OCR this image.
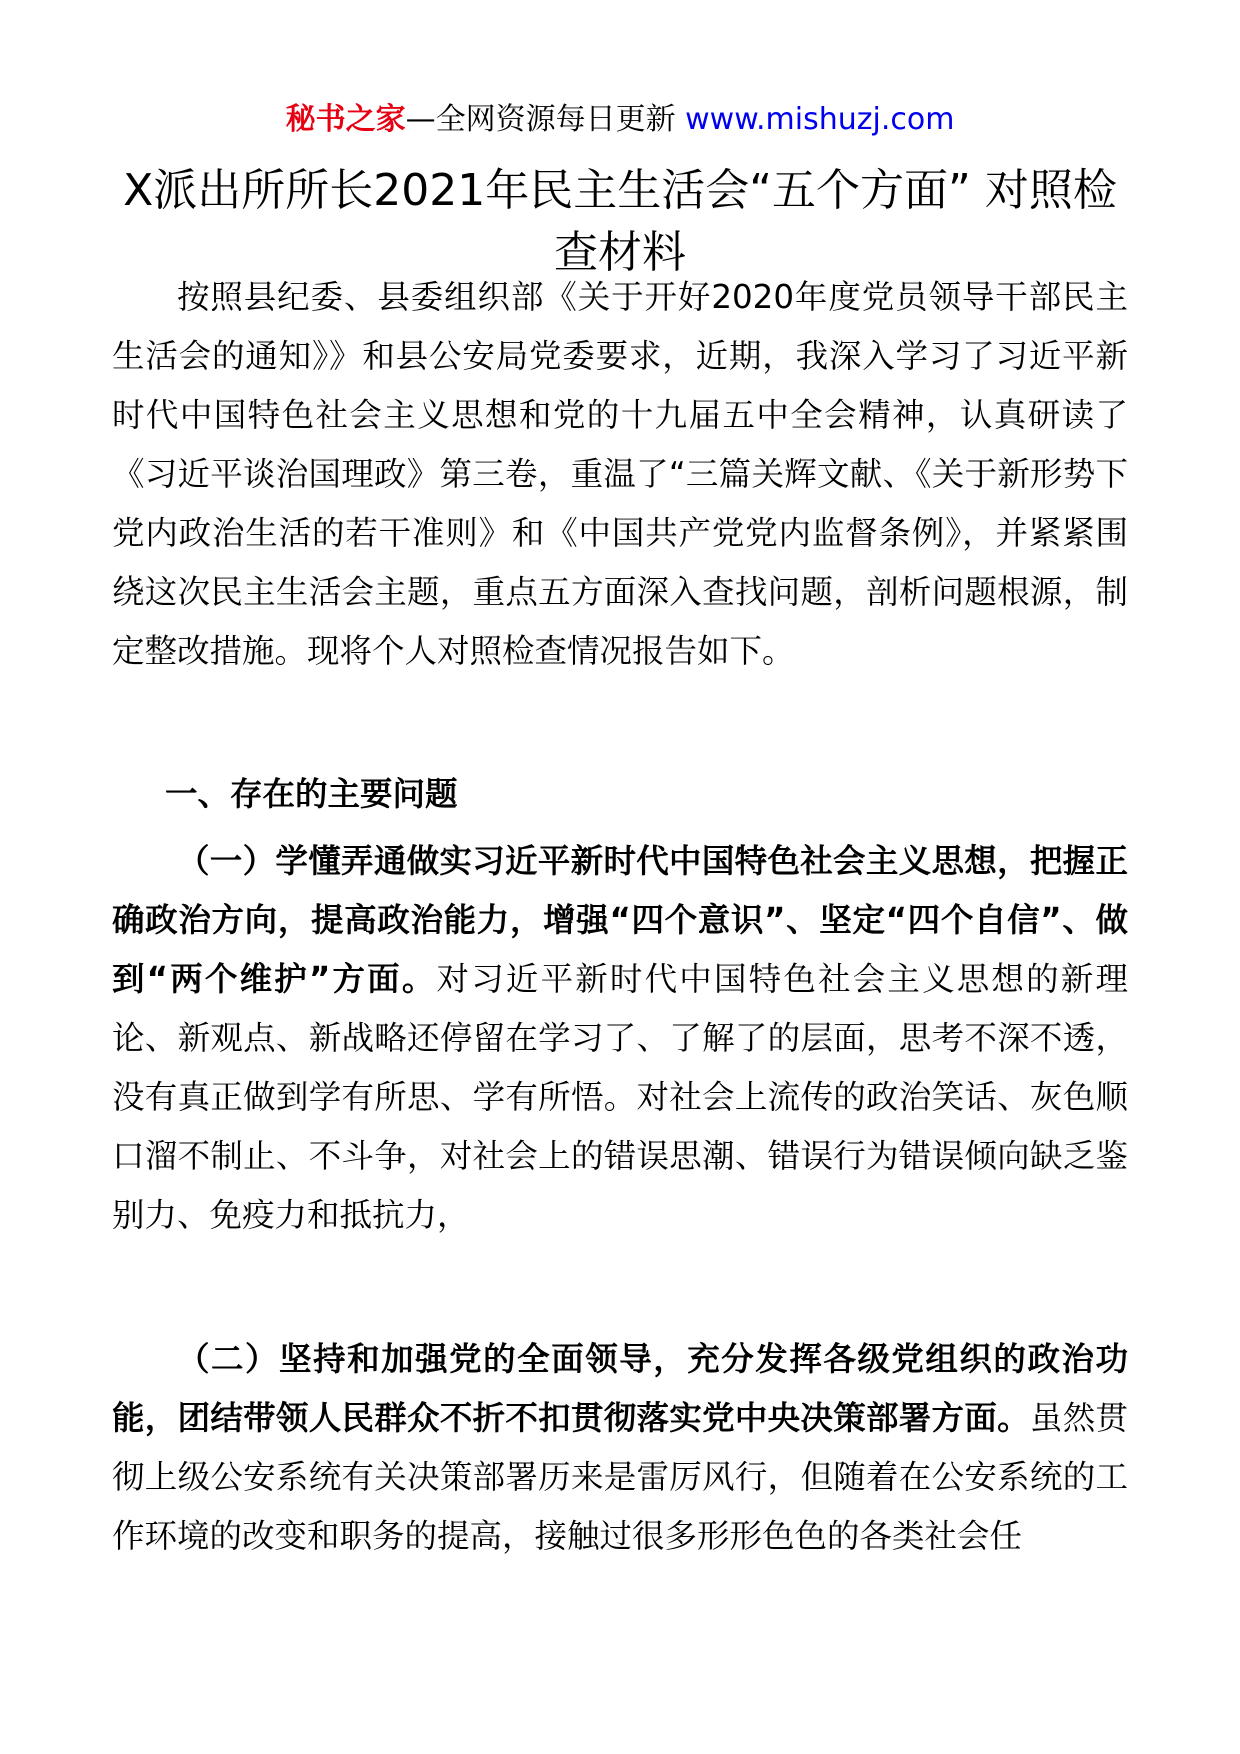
秘书之家—全网资源每日更新 www.mishuzj.com
X派出所所长2021年民主生活会“五个方面” 对照检查材料

按照县纪委、县委组织部《关于开好2020年度党员领导干部民主生活会的通知》》和县公安局党委要求，近期，我深入学习了习近平新时代中国特色社会主义思想和党的十九届五中全会精神，认真研读了《习近平谈治国理政》第三卷，重温了“三篇关辉文献、《关于新形势下党内政治生活的若干准则》和《中国共产党党内监督条例》，并紧紧围绕这次民主生活会主题，重点五方面深入查找问题，剖析问题根源，制定整改措施。现将个人对照检查情况报告如下。

一、存在的主要问题

（一）学懂弄通做实习近平新时代中国特色社会主义思想，把握正确政治方向，提高政治能力，增强“四个意识”、坚定“四个自信”、做到“两个维护”方面。对习近平新时代中国特色社会主义思想的新理论、新观点、新战略还停留在学习了、了解了的层面，思考不深不透，没有真正做到学有所思、学有所悟。对社会上流传的政治笑话、灰色顺口溜不制止、不斗争，对社会上的错误思潮、错误行为错误倾向缺乏鉴别力、免疫力和抵抗力，

（二）坚持和加强党的全面领导，充分发挥各级党组织的政治功能，团结带领人民群众不折不扣贯彻落实党中央决策部署方面。虽然贯彻上级公安系统有关决策部署历来是雷厉风行，但随着在公安系统的工作环境的改变和职务的提高，接触过很多形形色色的各类社会任
